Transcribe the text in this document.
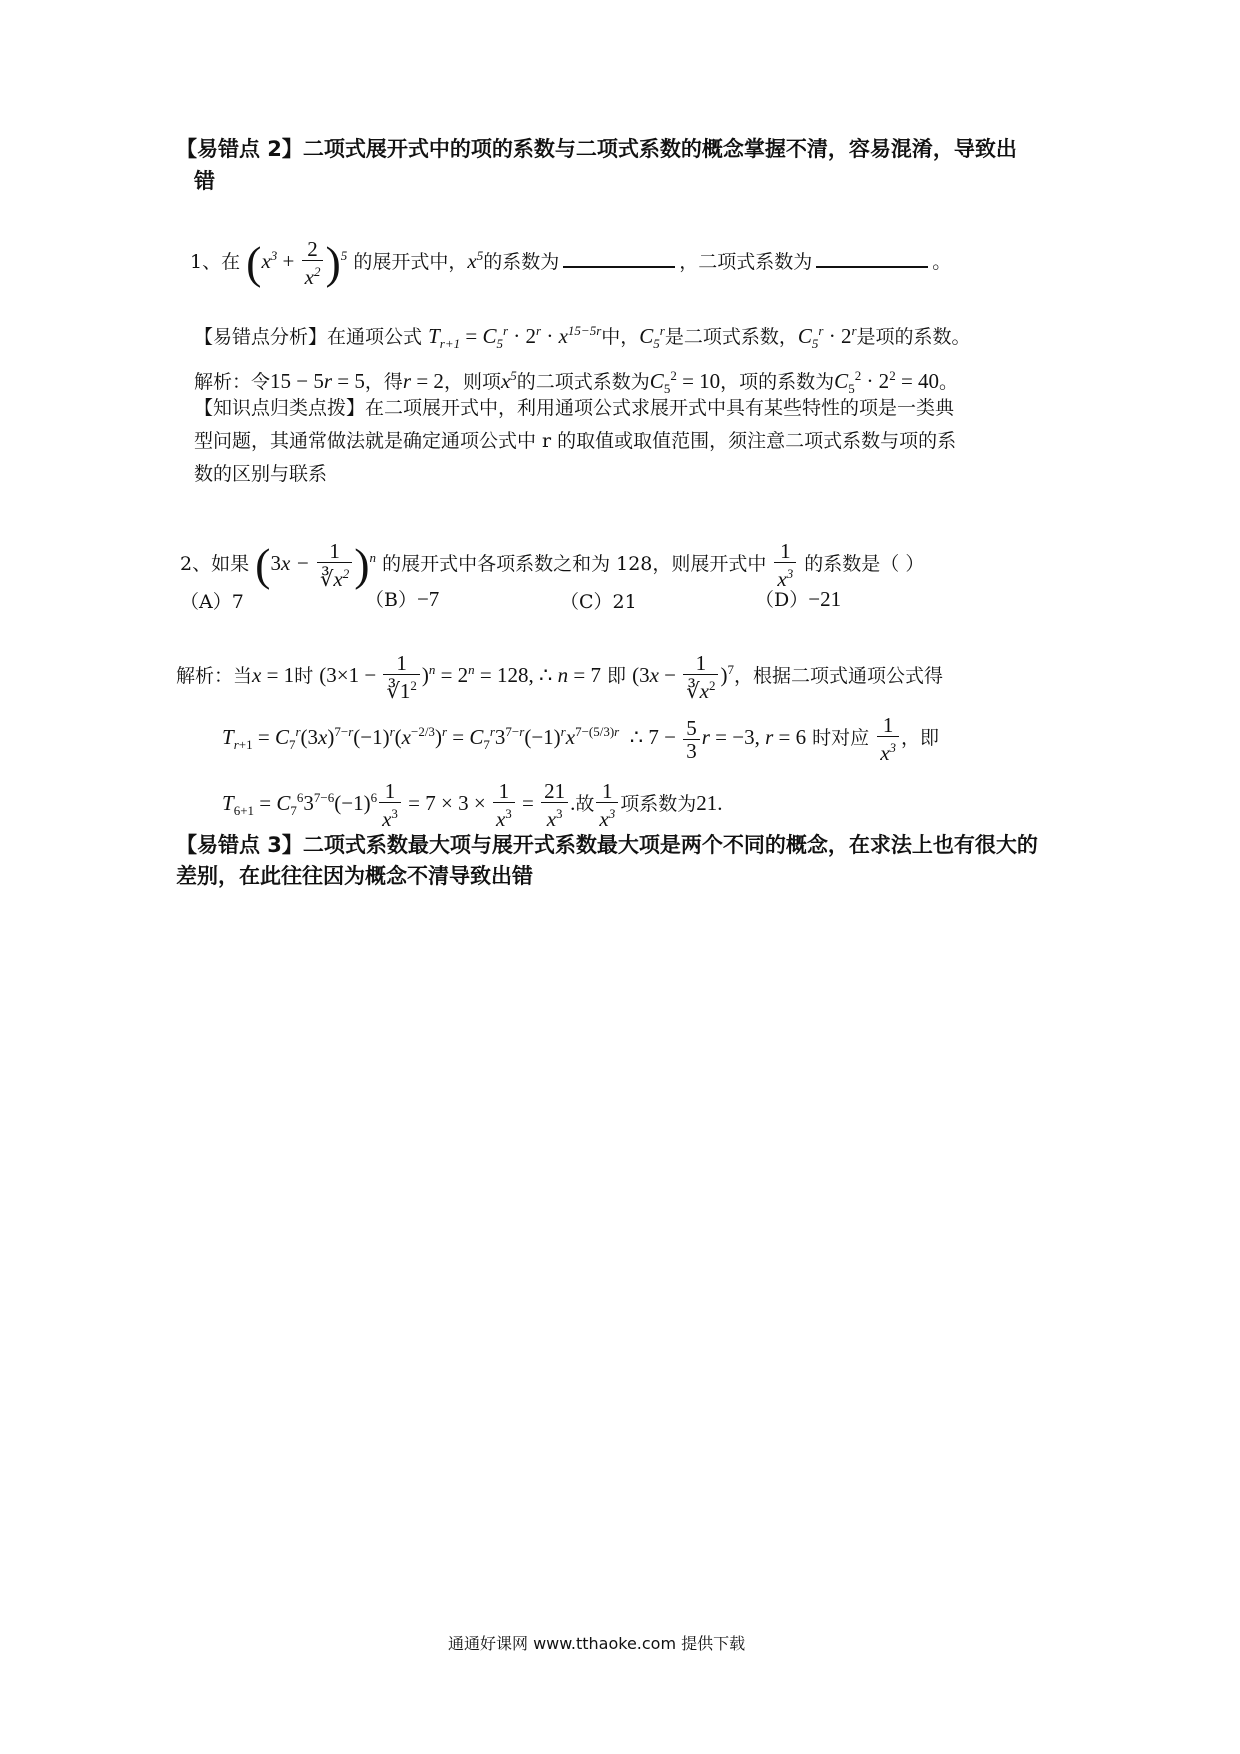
【易错点 2】二项式展开式中的项的系数与二项式系数的概念掌握不清，容易混淆，导致出
错
1、在 $(x^3 + \frac{2}{x^2} )^5$ 的展开式中，$x^5$的系数为	，二项式系数为	。
【易错点分析】在通项公式 $T_{r+1} = C_5^r \cdot 2^r \cdot x^{15-5r}$中，$C_5^r$是二项式系数，$C_5^r \cdot 2^r$是项的系数。
解析：令15 − 5r = 5，得r = 2，则项$x^5$的二项式系数为$C_5^2 = 10$，项的系数为$C_5^2 \cdot 2^2 = 40$。
【知识点归类点拨】在二项展开式中，利用通项公式求展开式中具有某些特性的项是一类典
型问题，其通常做法就是确定通项公式中 r 的取值或取值范围，须注意二项式系数与项的系
数的区别与联系
2、如果 $(3x - \frac{1}{∛x^2} )^n$ 的展开式中各项系数之和为 128，则展开式中 $\frac{1}{x^3}$ 的系数是（ ）
（A）7	（B）−7	（C）21	（D）−21
解析：当x = 1时 $(3\times 1 - \frac{1}{∛1^2} )^n = 2^n = 128$, ∴ n = 7 即 $(3x - \frac{1}{∛x^2} )^7$，根据二项式通项公式得
$T_{r+1} = C_7^r(3x)^{7-r}(-1)^r(x^{-2/3})^r = C_7^r3^{7-r}(-1)^rx^{7-(5/3)r}$  ∴ $7 - \frac{5}{3}$ r = −3, r = 6 时对应 $\frac{1}{x^3}$ ，即
$T_{6+1} = C_7^63^{7-6}(-1)^6 \frac{1}{x^3} = 7 \times 3 \times \frac{1}{x^3} = \frac{21}{x^3}$ .故 $\frac{1}{x^3}$ 项系数为21.
【易错点 3】二项式系数最大项与展开式系数最大项是两个不同的概念，在求法上也有很大的
差别，在此往往因为概念不清导致出错
通通好课网 www.tthaoke.com 提供下载
